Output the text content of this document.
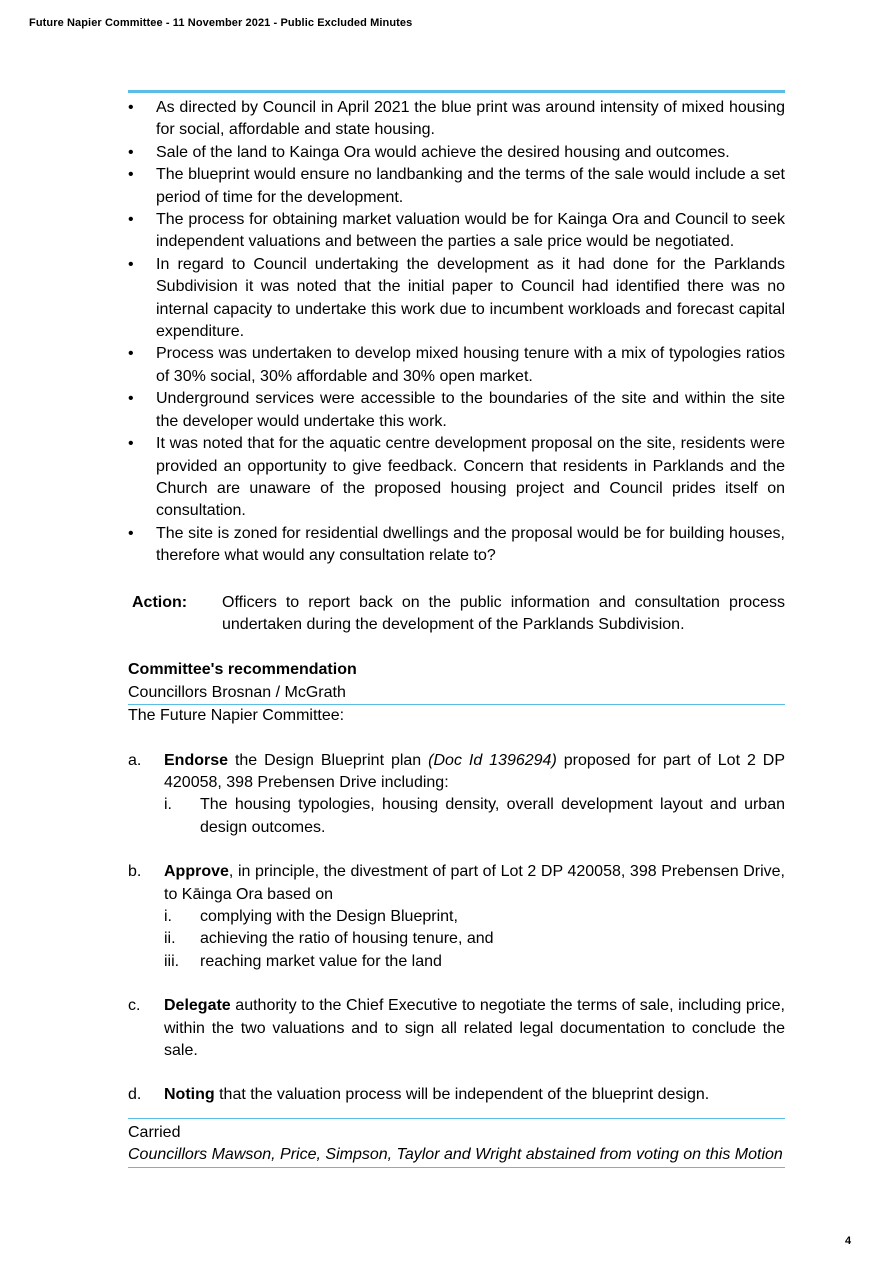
Future Napier Committee - 11 November 2021 - Public Excluded Minutes
• As directed by Council in April 2021 the blue print was around intensity of mixed housing for social, affordable and state housing.
• Sale of the land to Kainga Ora would achieve the desired housing and outcomes.
• The blueprint would ensure no landbanking and the terms of the sale would include a set period of time for the development.
• The process for obtaining market valuation would be for Kainga Ora and Council to seek independent valuations and between the parties a sale price would be negotiated.
• In regard to Council undertaking the development as it had done for the Parklands Subdivision it was noted that the initial paper to Council had identified there was no internal capacity to undertake this work due to incumbent workloads and forecast capital expenditure.
• Process was undertaken to develop mixed housing tenure with a mix of typologies ratios of 30% social, 30% affordable and 30% open market.
• Underground services were accessible to the boundaries of the site and within the site the developer would undertake this work.
• It was noted that for the aquatic centre development proposal on the site, residents were provided an opportunity to give feedback. Concern that residents in Parklands and the Church are unaware of the proposed housing project and Council prides itself on consultation.
• The site is zoned for residential dwellings and the proposal would be for building houses, therefore what would any consultation relate to?
Action:	Officers to report back on the public information and consultation process undertaken during the development of the Parklands Subdivision.
Committee's recommendation
Councillors Brosnan / McGrath
The Future Napier Committee:
a.	Endorse the Design Blueprint plan (Doc Id 1396294) proposed for part of Lot 2 DP 420058, 398 Prebensen Drive including:
i.	The housing typologies, housing density, overall development layout and urban design outcomes.
b.	Approve, in principle, the divestment of part of Lot 2 DP 420058, 398 Prebensen Drive, to Kāinga Ora based on
i.	complying with the Design Blueprint,
ii.	achieving the ratio of housing tenure, and
iii.	reaching market value for the land
c.	Delegate authority to the Chief Executive to negotiate the terms of sale, including price, within the two valuations and to sign all related legal documentation to conclude the sale.
d.	Noting that the valuation process will be independent of the blueprint design.
Carried
Councillors Mawson, Price, Simpson, Taylor and Wright abstained from voting on this Motion
4
